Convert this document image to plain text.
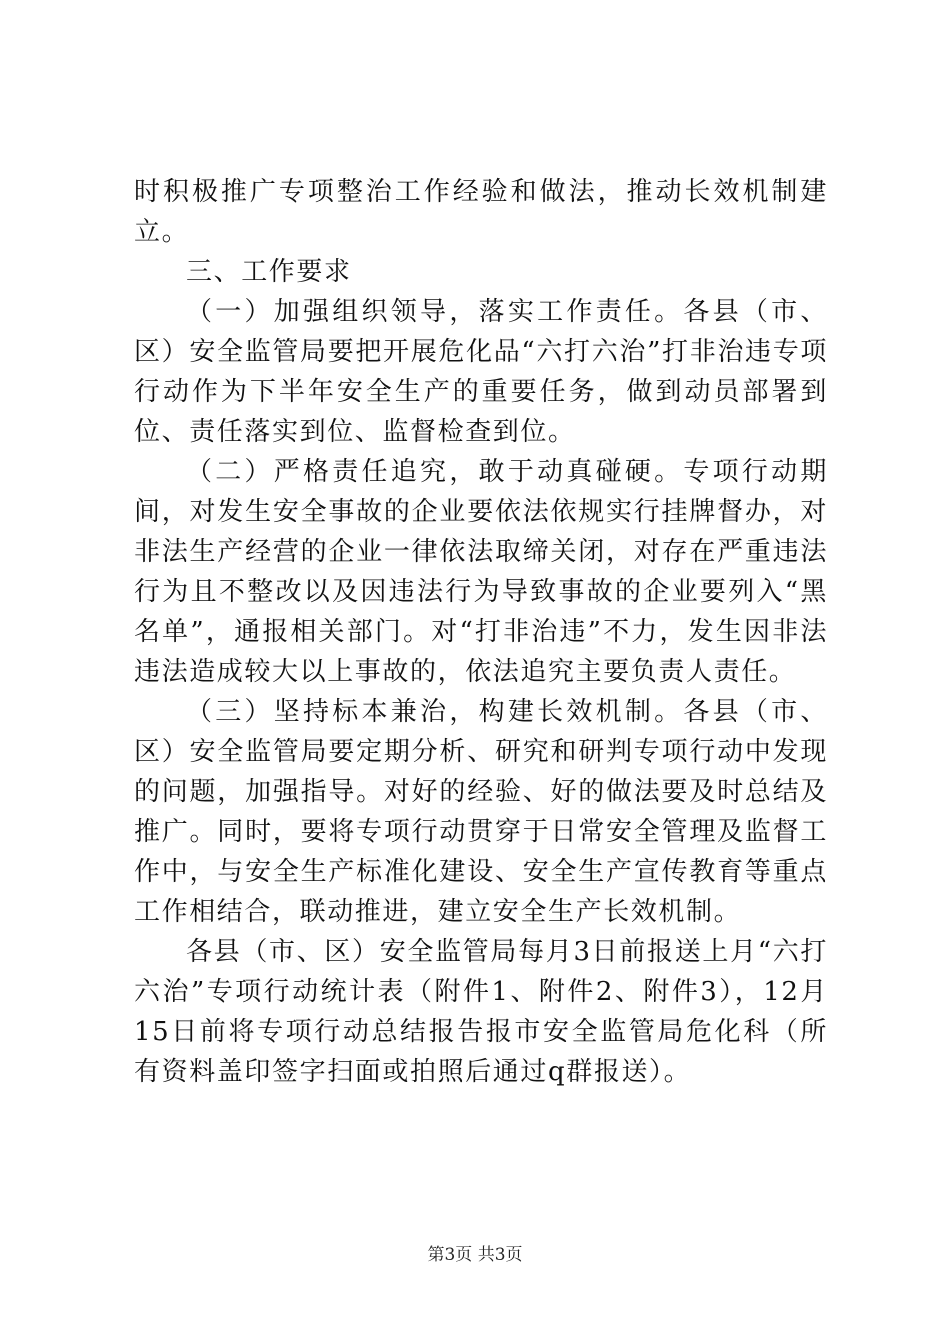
时积极推广专项整治工作经验和做法，推动长效机制建立。

三、工作要求

（一）加强组织领导，落实工作责任。各县（市、区）安全监管局要把开展危化品“六打六治”打非治违专项行动作为下半年安全生产的重要任务，做到动员部署到位、责任落实到位、监督检查到位。

（二）严格责任追究，敢于动真碰硬。专项行动期间，对发生安全事故的企业要依法依规实行挂牌督办，对非法生产经营的企业一律依法取缔关闭，对存在严重违法行为且不整改以及因违法行为导致事故的企业要列入“黑名单”，通报相关部门。对“打非治违”不力，发生因非法违法造成较大以上事故的，依法追究主要负责人责任。

（三）坚持标本兼治，构建长效机制。各县（市、区）安全监管局要定期分析、研究和研判专项行动中发现的问题，加强指导。对好的经验、好的做法要及时总结及推广。同时，要将专项行动贯穿于日常安全管理及监督工作中，与安全生产标准化建设、安全生产宣传教育等重点工作相结合，联动推进，建立安全生产长效机制。

各县（市、区）安全监管局每月3日前报送上月“六打六治”专项行动统计表（附件1、附件2、附件3），12月15日前将专项行动总结报告报市安全监管局危化科（所有资料盖印签字扫面或拍照后通过q群报送）。

第3页 共3页
